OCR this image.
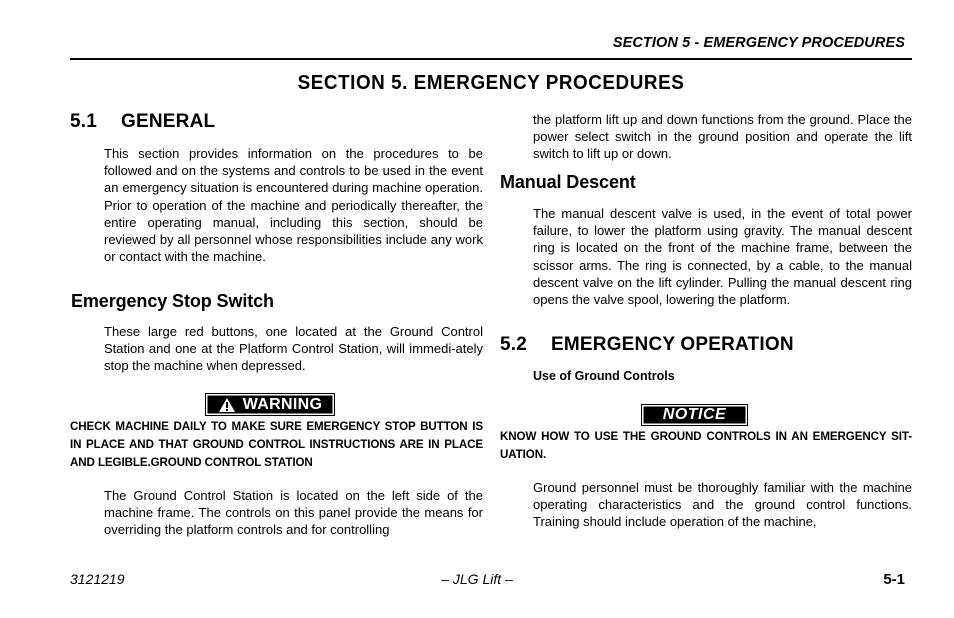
SECTION 5 - EMERGENCY PROCEDURES
SECTION 5. EMERGENCY PROCEDURES
5.1 GENERAL
This section provides information on the procedures to be followed and on the systems and controls to be used in the event an emergency situation is encountered during machine operation. Prior to operation of the machine and periodically thereafter, the entire operating manual, including this section, should be reviewed by all personnel whose responsibilities include any work or contact with the machine.
Emergency Stop Switch
These large red buttons, one located at the Ground Control Station and one at the Platform Control Station, will immedi-ately stop the machine when depressed.
WARNING
CHECK MACHINE DAILY TO MAKE SURE EMERGENCY STOP BUTTON IS IN PLACE AND THAT GROUND CONTROL INSTRUCTIONS ARE IN PLACE AND LEGIBLE.GROUND CONTROL STATION
The Ground Control Station is located on the left side of the machine frame. The controls on this panel provide the means for overriding the platform controls and for controlling
the platform lift up and down functions from the ground. Place the power select switch in the ground position and operate the lift switch to lift up or down.
Manual Descent
The manual descent valve is used, in the event of total power failure, to lower the platform using gravity. The manual descent ring is located on the front of the machine frame, between the scissor arms. The ring is connected, by a cable, to the manual descent valve on the lift cylinder. Pulling the manual descent ring opens the valve spool, lowering the platform.
5.2 EMERGENCY OPERATION
Use of Ground Controls
NOTICE
KNOW HOW TO USE THE GROUND CONTROLS IN AN EMERGENCY SIT-UATION.
Ground personnel must be thoroughly familiar with the machine operating characteristics and the ground control functions. Training should include operation of the machine,
3121219	– JLG Lift –	5-1
